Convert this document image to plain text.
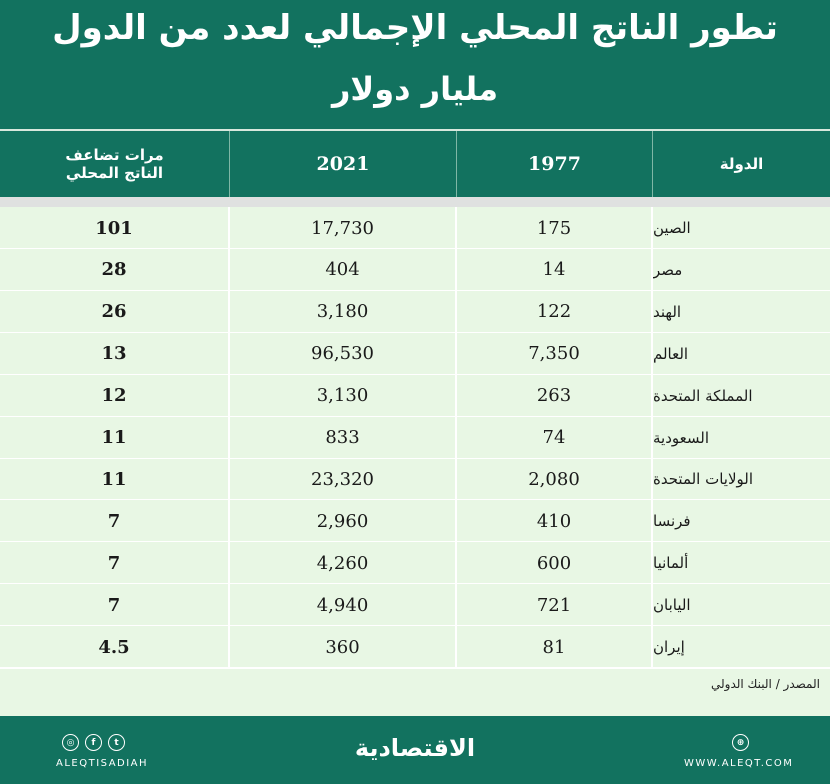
تطور الناتج المحلي الإجمالي لعدد من الدول
مليار دولار
مرات تضاعف
الناتج المحلي	2021	1977	الدولة
4.5	360	81	إيران
7	4,940	721	اليابان
7	4,260	600	ألمانيا
7	2,960	410	فرنسا
11	23,320	2,080	الولايات المتحدة
11	833	74	السعودية
12	3,130	263	المملكة المتحدة
13	96,530	7,350	العالم
26	3,180	122	الهند
28	404	14	مصر
101	17,730	175	الصين
المصدر / البنك الدولي
◎	f	t
ALEQTISADIAH
الاقتصادية	⊕
WWW.ALEQT.COM
